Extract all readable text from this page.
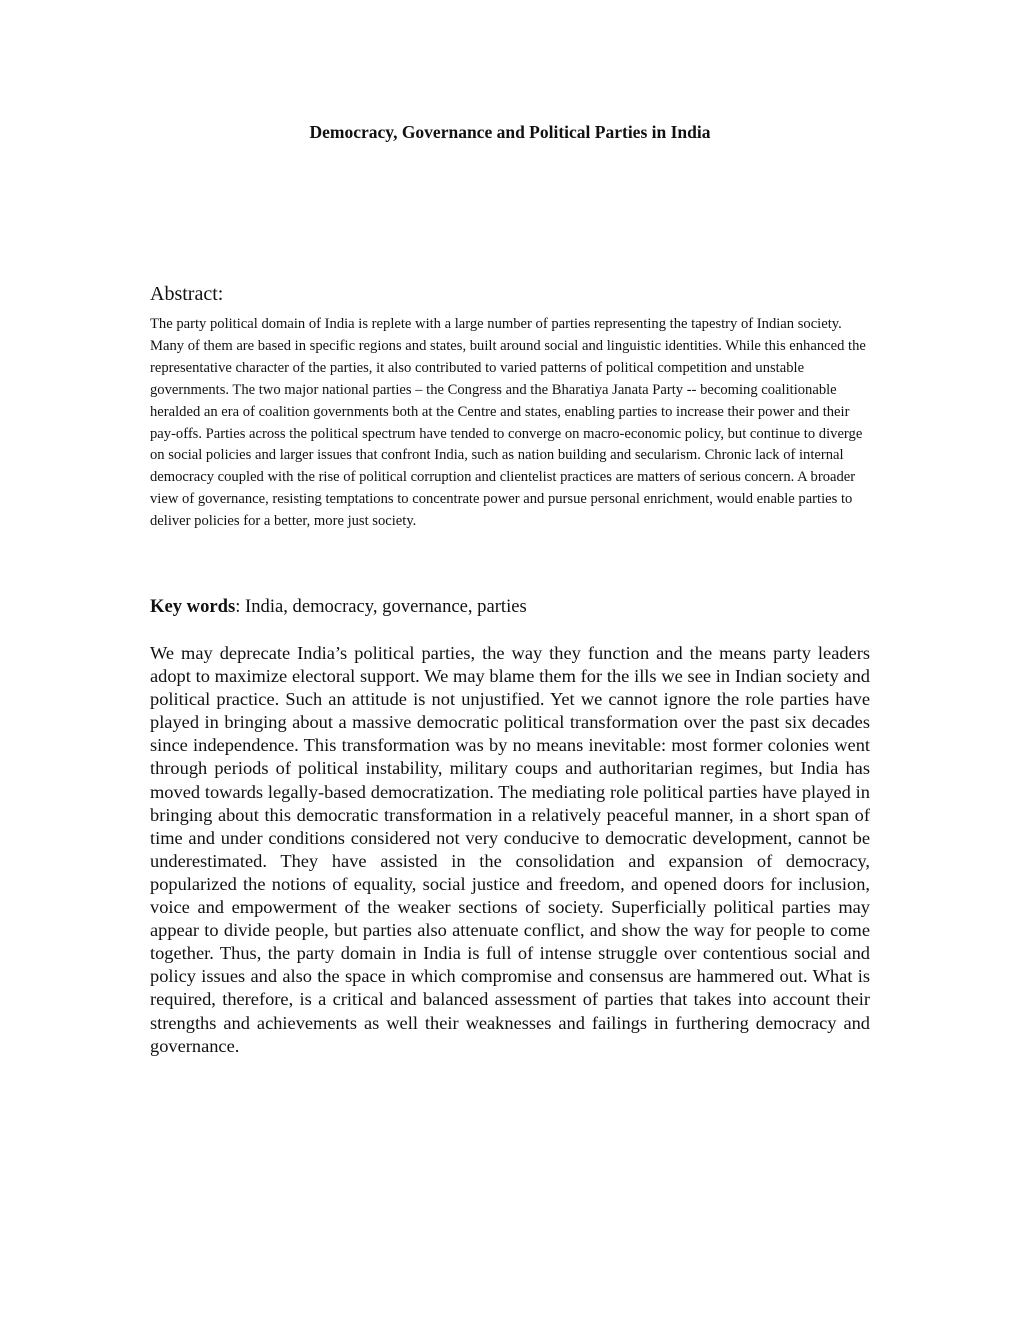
Democracy, Governance and Political Parties in India
Abstract:

The party political domain of India is replete with a large number of parties representing the tapestry of Indian society. Many of them are based in specific regions and states, built around social and linguistic identities. While this enhanced the representative character of the parties, it also contributed to varied patterns of political competition and unstable governments. The two major national parties – the Congress and the Bharatiya Janata Party -- becoming coalitionable heralded an era of coalition governments both at the Centre and states, enabling parties to increase their power and their pay-offs. Parties across the political spectrum have tended to converge on macro-economic policy, but continue to diverge on social policies and larger issues that confront India, such as nation building and secularism. Chronic lack of internal democracy coupled with the rise of political corruption and clientelist practices are matters of serious concern. A broader view of governance, resisting temptations to concentrate power and pursue personal enrichment, would enable parties to deliver policies for a better, more just society.

Key words: India, democracy, governance, parties

We may deprecate India’s political parties, the way they function and the means party leaders adopt to maximize electoral support. We may blame them for the ills we see in Indian society and political practice. Such an attitude is not unjustified. Yet we cannot ignore the role parties have played in bringing about a massive democratic political transformation over the past six decades since independence. This transformation was by no means inevitable: most former colonies went through periods of political instability, military coups and authoritarian regimes, but India has moved towards legally-based democratization. The mediating role political parties have played in bringing about this democratic transformation in a relatively peaceful manner, in a short span of time and under conditions considered not very conducive to democratic development, cannot be underestimated. They have assisted in the consolidation and expansion of democracy, popularized the notions of equality, social justice and freedom, and opened doors for inclusion, voice and empowerment of the weaker sections of society. Superficially political parties may appear to divide people, but parties also attenuate conflict, and show the way for people to come together. Thus, the party domain in India is full of intense struggle over contentious social and policy issues and also the space in which compromise and consensus are hammered out. What is required, therefore, is a critical and balanced assessment of parties that takes into account their strengths and achievements as well their weaknesses and failings in furthering democracy and governance.
